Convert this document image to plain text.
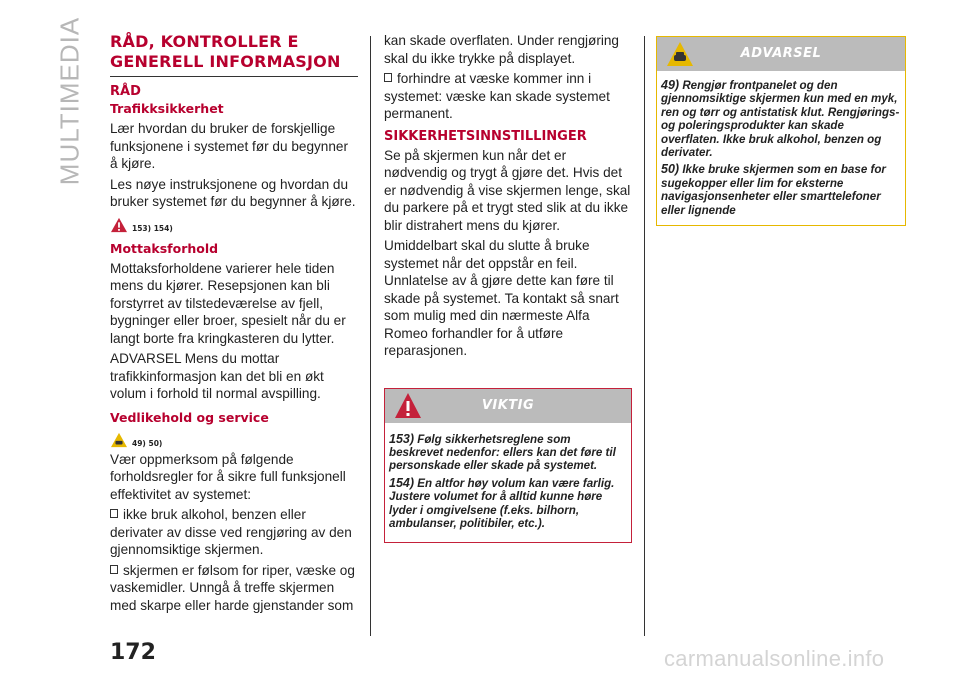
MULTIMEDIA RÅD, KONTROLLER E
GENERELL INFORMASJON
RÅD
Trafikksikkerhet

Lær hvordan du bruker de forskjellige funksjonene i systemet før du begynner å kjøre.

Les nøye instruksjonene og hvordan du bruker systemet før du begynner å kjøre.

153) 154)
Mottaksforhold

Mottaksforholdene varierer hele tiden mens du kjører. Resepsjonen kan bli forstyrret av tilstedeværelse av fjell, bygninger eller broer, spesielt når du er langt borte fra kringkasteren du lytter.

ADVARSEL Mens du mottar trafikkinformasjon kan det bli en økt volum i forhold til normal avspilling.

Vedlikehold og service
49) 50)

Vær oppmerksom på følgende forholdsregler for å sikre full funksjonell effektivitet av systemet:

ikke bruk alkohol, benzen eller derivater av disse ved rengjøring av den gjennomsiktige skjermen.
skjermen er følsom for riper, væske og vaskemidler. Unngå å treffe skjermen med skarpe eller harde gjenstander som

kan skade overflaten. Under rengjøring skal du ikke trykke på displayet.

forhindre at væske kommer inn i systemet: væske kan skade systemet permanent.
SIKKERHETSINNSTILLINGER

Se på skjermen kun når det er nødvendig og trygt å gjøre det. Hvis det er nødvendig å vise skjermen lenge, skal du parkere på et trygt sted slik at du ikke blir distrahert mens du kjører.

Umiddelbart skal du slutte å bruke systemet når det oppstår en feil. Unnlatelse av å gjøre dette kan føre til skade på systemet. Ta kontakt så snart som mulig med din nærmeste Alfa Romeo forhandler for å utføre reparasjonen.

VIKTIG
153) Følg sikkerhetsreglene som beskrevet nedenfor: ellers kan det føre til personskade eller skade på systemet.
154) En altfor høy volum kan være farlig. Justere volumet for å alltid kunne høre lyder i omgivelsene (f.eks. bilhorn, ambulanser, politibiler, etc.).
ADVARSEL
49) Rengjør frontpanelet og den gjennomsiktige skjermen kun med en myk, ren og tørr og antistatisk klut. Rengjørings- og poleringsprodukter kan skade overflaten. Ikke bruk alkohol, benzen og derivater.
50) Ikke bruke skjermen som en base for sugekopper eller lim for eksterne navigasjonsenheter eller smarttelefoner eller lignende
172	carmanualsonline.info
